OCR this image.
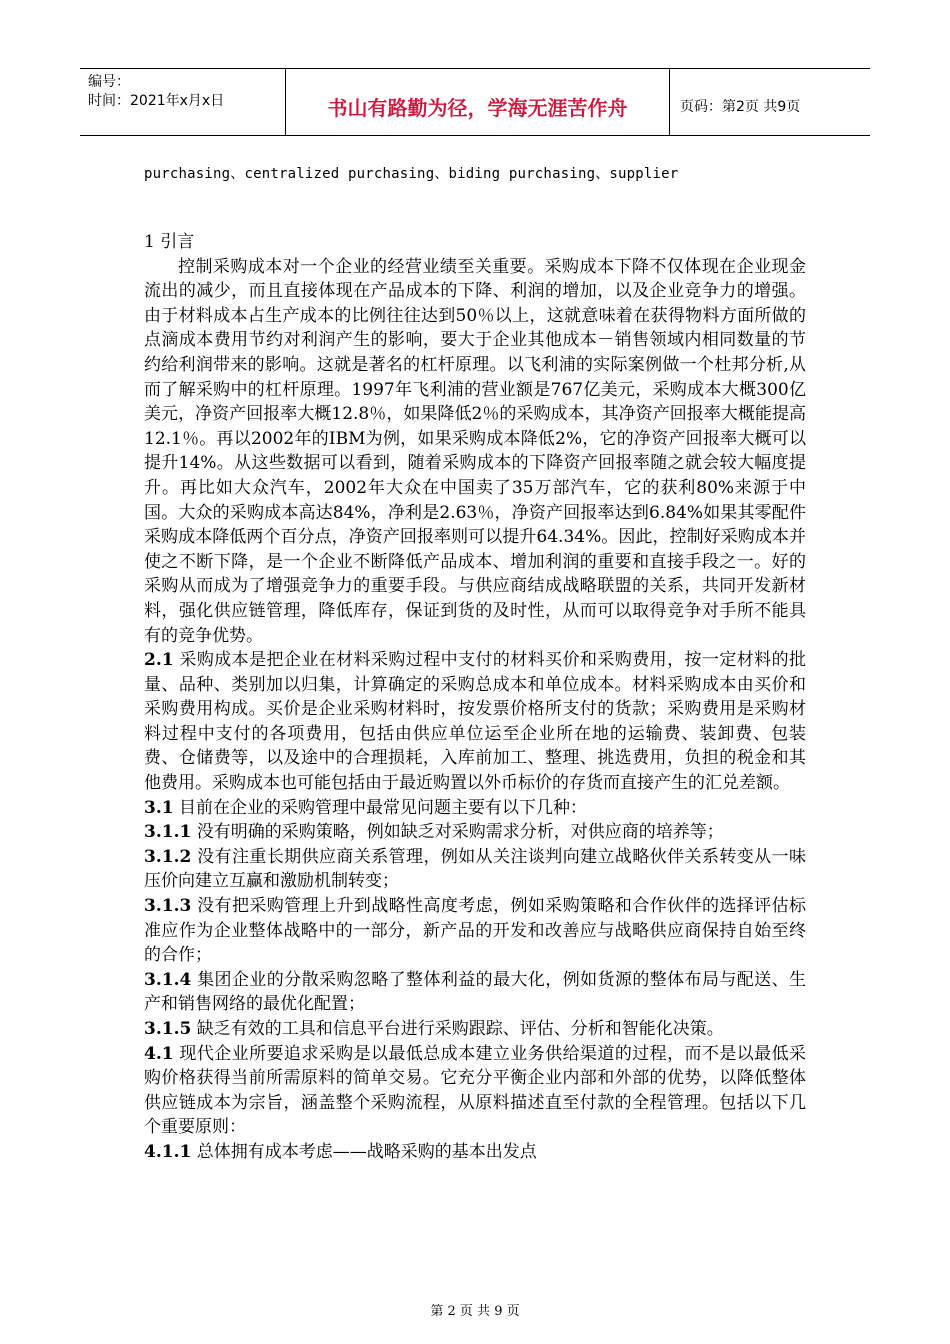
编号：
时间：2021年x月x日	书山有路勤为径，学海无涯苦作舟	页码：第2页 共9页
purchasing、centralized purchasing、biding purchasing、supplier

1 引言

控制采购成本对一个企业的经营业绩至关重要。采购成本下降不仅体现在企业现金流出的减少，而且直接体现在产品成本的下降、利润的增加，以及企业竞争力的增强。由于材料成本占生产成本的比例往往达到50％以上，这就意味着在获得物料方面所做的点滴成本费用节约对利润产生的影响，要大于企业其他成本－销售领域内相同数量的节约给利润带来的影响。这就是著名的杠杆原理。以飞利浦的实际案例做一个杜邦分析,从而了解采购中的杠杆原理。1997年飞利浦的营业额是767亿美元，采购成本大概300亿美元，净资产回报率大概12.8％，如果降低2％的采购成本，其净资产回报率大概能提高12.1％。再以2002年的IBM为例，如果采购成本降低2%，它的净资产回报率大概可以提升14%。从这些数据可以看到，随着采购成本的下降资产回报率随之就会较大幅度提升。再比如大众汽车，2002年大众在中国卖了35万部汽车，它的获利80%来源于中国。大众的采购成本高达84%，净利是2.63％，净资产回报率达到6.84%如果其零配件采购成本降低两个百分点，净资产回报率则可以提升64.34%。因此，控制好采购成本并使之不断下降，是一个企业不断降低产品成本、增加利润的重要和直接手段之一。好的采购从而成为了增强竞争力的重要手段。与供应商结成战略联盟的关系，共同开发新材料，强化供应链管理，降低库存，保证到货的及时性，从而可以取得竞争对手所不能具有的竞争优势。

2.1 采购成本是把企业在材料采购过程中支付的材料买价和采购费用，按一定材料的批量、品种、类别加以归集，计算确定的采购总成本和单位成本。材料采购成本由买价和采购费用构成。买价是企业采购材料时，按发票价格所支付的货款；采购费用是采购材料过程中支付的各项费用，包括由供应单位运至企业所在地的运输费、装卸费、包装费、仓储费等，以及途中的合理损耗，入库前加工、整理、挑选费用，负担的税金和其他费用。采购成本也可能包括由于最近购置以外币标价的存货而直接产生的汇兑差额。

3.1 目前在企业的采购管理中最常见问题主要有以下几种：

3.1.1 没有明确的采购策略，例如缺乏对采购需求分析，对供应商的培养等；

3.1.2 没有注重长期供应商关系管理，例如从关注谈判向建立战略伙伴关系转变从一味压价向建立互赢和激励机制转变；

3.1.3 没有把采购管理上升到战略性高度考虑，例如采购策略和合作伙伴的选择评估标准应作为企业整体战略中的一部分，新产品的开发和改善应与战略供应商保持自始至终的合作；

3.1.4 集团企业的分散采购忽略了整体利益的最大化，例如货源的整体布局与配送、生产和销售网络的最优化配置；

3.1.5 缺乏有效的工具和信息平台进行采购跟踪、评估、分析和智能化决策。

4.1 现代企业所要追求采购是以最低总成本建立业务供给渠道的过程，而不是以最低采购价格获得当前所需原料的简单交易。它充分平衡企业内部和外部的优势，以降低整体供应链成本为宗旨，涵盖整个采购流程，从原料描述直至付款的全程管理。包括以下几个重要原则：

4.1.1 总体拥有成本考虑——战略采购的基本出发点

第 2 页 共 9 页
